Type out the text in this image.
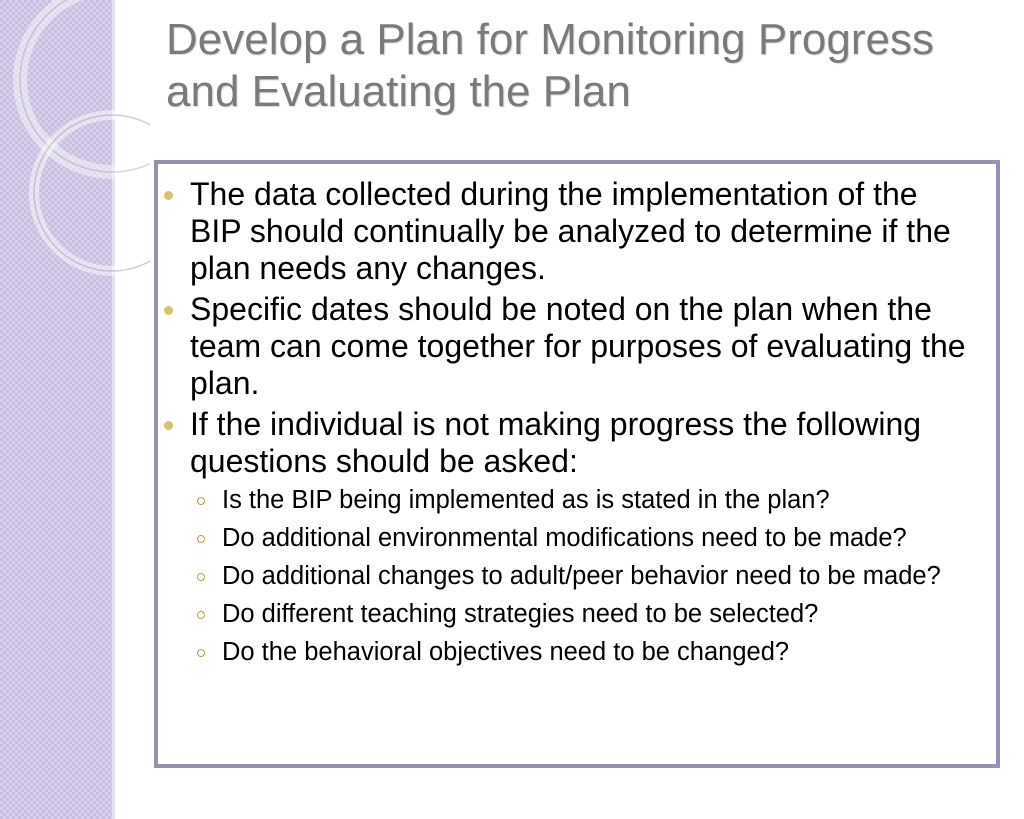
Develop a Plan for Monitoring Progress and Evaluating the Plan
The data collected during the implementation of the BIP should continually be analyzed to determine if the plan needs any changes.
Specific dates should be noted on the plan when the team can come together for purposes of evaluating the plan.
If the individual is not making progress the following questions should be asked:
Is the BIP being implemented as is stated in the plan?
Do additional environmental modifications need to be made?
Do additional changes to adult/peer behavior need to be made?
Do different teaching strategies need to be selected?
Do the behavioral objectives need to be changed?
